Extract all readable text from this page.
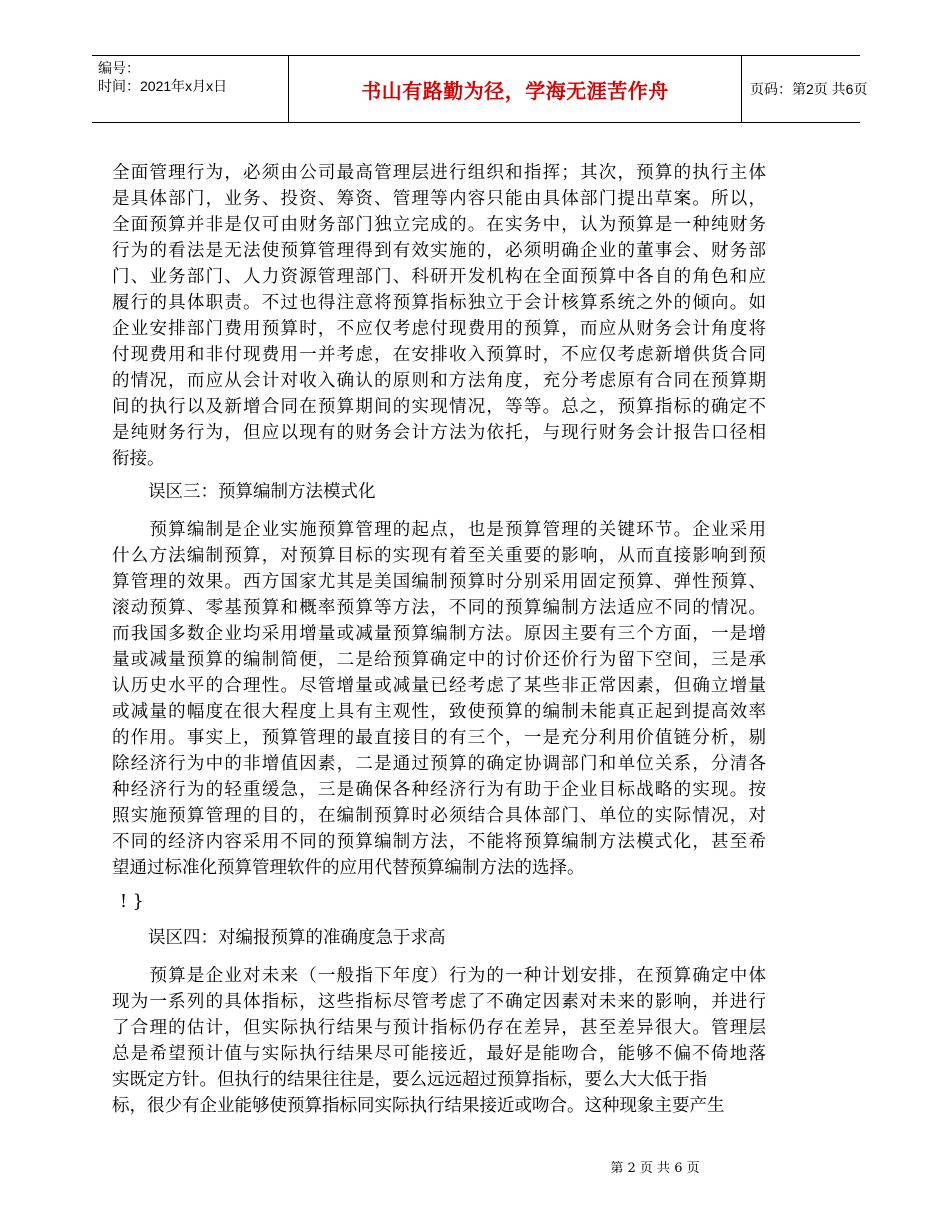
编号：
时间：2021年x月x日	书山有路勤为径，学海无涯苦作舟	页码：第2页 共6页
全面管理行为，必须由公司最高管理层进行组织和指挥；其次，预算的执行主体
是具体部门，业务、投资、筹资、管理等内容只能由具体部门提出草案。所以，
全面预算并非是仅可由财务部门独立完成的。在实务中，认为预算是一种纯财务
行为的看法是无法使预算管理得到有效实施的，必须明确企业的董事会、财务部
门、业务部门、人力资源管理部门、科研开发机构在全面预算中各自的角色和应
履行的具体职责。不过也得注意将预算指标独立于会计核算系统之外的倾向。如
企业安排部门费用预算时，不应仅考虑付现费用的预算，而应从财务会计角度将
付现费用和非付现费用一并考虑，在安排收入预算时，不应仅考虑新增供货合同
的情况，而应从会计对收入确认的原则和方法角度，充分考虑原有合同在预算期
间的执行以及新增合同在预算期间的实现情况，等等。总之，预算指标的确定不
是纯财务行为，但应以现有的财务会计方法为依托，与现行财务会计报告口径相
衔接。
误区三：预算编制方法模式化
　　预算编制是企业实施预算管理的起点，也是预算管理的关键环节。企业采用
什么方法编制预算，对预算目标的实现有着至关重要的影响，从而直接影响到预
算管理的效果。西方国家尤其是美国编制预算时分别采用固定预算、弹性预算、
滚动预算、零基预算和概率预算等方法，不同的预算编制方法适应不同的情况。
而我国多数企业均采用增量或减量预算编制方法。原因主要有三个方面，一是增
量或减量预算的编制简便，二是给预算确定中的讨价还价行为留下空间，三是承
认历史水平的合理性。尽管增量或减量已经考虑了某些非正常因素，但确立增量
或减量的幅度在很大程度上具有主观性，致使预算的编制未能真正起到提高效率
的作用。事实上，预算管理的最直接目的有三个，一是充分利用价值链分析，剔
除经济行为中的非增值因素，二是通过预算的确定协调部门和单位关系，分清各
种经济行为的轻重缓急，三是确保各种经济行为有助于企业目标战略的实现。按
照实施预算管理的目的，在编制预算时必须结合具体部门、单位的实际情况，对
不同的经济内容采用不同的预算编制方法，不能将预算编制方法模式化，甚至希
望通过标准化预算管理软件的应用代替预算编制方法的选择。
! }
误区四：对编报预算的准确度急于求高
　　预算是企业对未来（一般指下年度）行为的一种计划安排，在预算确定中体
现为一系列的具体指标，这些指标尽管考虑了不确定因素对未来的影响，并进行
了合理的估计，但实际执行结果与预计指标仍存在差异，甚至差异很大。管理层
总是希望预计值与实际执行结果尽可能接近，最好是能吻合，能够不偏不倚地落
实既定方针。但执行的结果往往是，要么远远超过预算指标，要么大大低于指
标，很少有企业能够使预算指标同实际执行结果接近或吻合。这种现象主要产生
第 2 页 共 6 页
